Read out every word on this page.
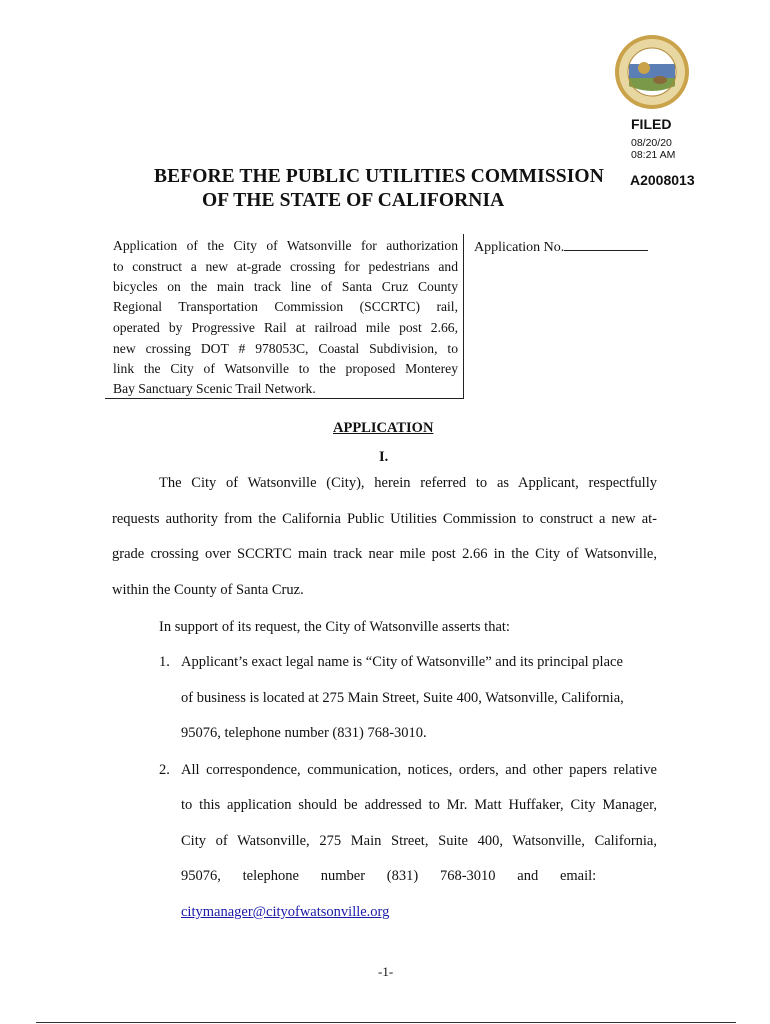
FILED
08/20/20
08:21 AM
A2008013
BEFORE THE PUBLIC UTILITIES COMMISSION
OF THE STATE OF CALIFORNIA
Application of the City of Watsonville for authorization
to construct a new at-grade crossing for pedestrians and
bicycles on the main track line of Santa Cruz County
Regional Transportation Commission (SCCRTC) rail,
operated by Progressive Rail at railroad mile post 2.66,
new crossing DOT # 978053C, Coastal Subdivision, to
link the City of Watsonville to the proposed Monterey
Bay Sanctuary Scenic Trail Network.
Application No.
APPLICATION
I.
The City of Watsonville (City), herein referred to as Applicant, respectfully
requests authority from the California Public Utilities Commission to construct a new at-
grade crossing over SCCRTC main track near mile post 2.66 in the City of Watsonville,
within the County of Santa Cruz.
In support of its request, the City of Watsonville asserts that:
1. Applicant’s exact legal name is “City of Watsonville” and its principal place
of business is located at 275 Main Street, Suite 400, Watsonville, California,
95076, telephone number (831) 768-3010.
2. All correspondence, communication, notices, orders, and other papers relative
to this application should be addressed to Mr. Matt Huffaker, City Manager,
City of Watsonville, 275 Main Street, Suite 400, Watsonville, California,
95076,      telephone      number      (831)      768-3010      and      email:
citymanager@cityofwatsonville.org
-1-
